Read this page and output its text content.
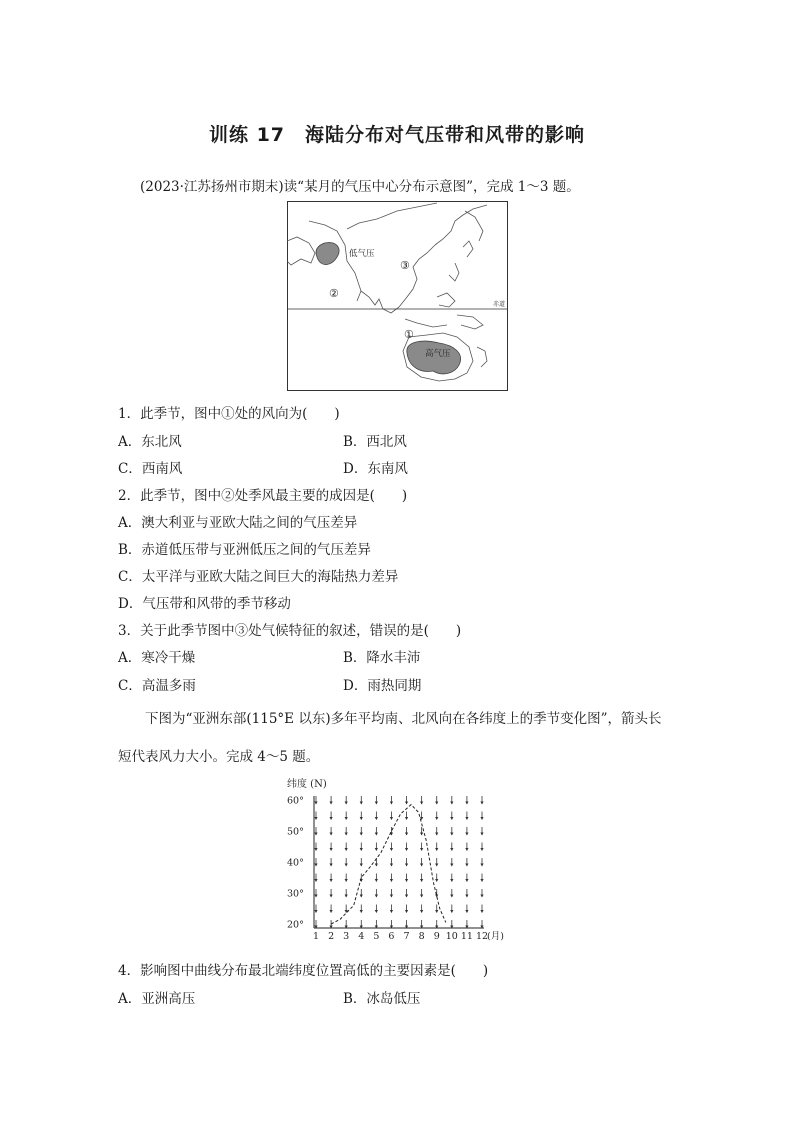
训练 17　海陆分布对气压带和风带的影响
(2023·江苏扬州市期末)读“某月的气压中心分布示意图”，完成 1～3 题。
赤道
低气压
高气压
②
③
①
1．此季节，图中①处的风向为(　　)
A．东北风	B．西北风
C．西南风	D．东南风
2．此季节，图中②处季风最主要的成因是(　　)
A．澳大利亚与亚欧大陆之间的气压差异
B．赤道低压带与亚洲低压之间的气压差异
C．太平洋与亚欧大陆之间巨大的海陆热力差异
D．气压带和风带的季节移动
3．关于此季节图中③处气候特征的叙述，错误的是(　　)
A．寒冷干燥	B．降水丰沛
C．高温多雨	D．雨热同期
下图为“亚洲东部(115°E 以东)多年平均南、北风向在各纬度上的季节变化图”，箭头长
短代表风力大小。完成 4～5 题。
纬度 (N)
60°
50°
40°
30°
20°
1 2 3 4 5 6 7 8 9 10 11 12
(月)
4．影响图中曲线分布最北端纬度位置高低的主要因素是(　　)
A．亚洲高压	B．冰岛低压
